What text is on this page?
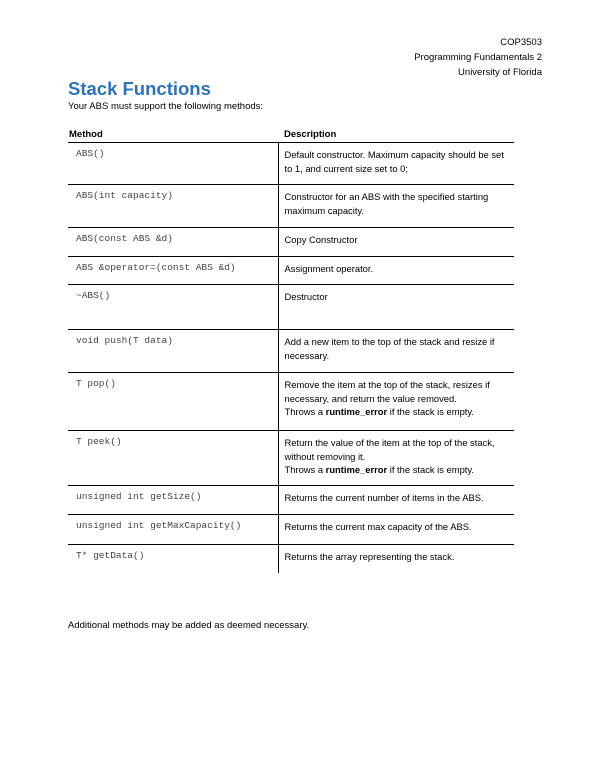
COP3503
Programming Fundamentals 2
University of Florida
Stack Functions
Your ABS must support the following methods:
Method	Description
ABS()	Default constructor. Maximum capacity should be set to 1, and current size set to 0;
ABS(int capacity)	Constructor for an ABS with the specified starting maximum capacity.
ABS(const ABS &d)	Copy Constructor
ABS &operator=(const ABS &d)	Assignment operator.
~ABS()	Destructor
void push(T data)	Add a new item to the top of the stack and resize if necessary.
T pop()	Remove the item at the top of the stack, resizes if necessary, and return the value removed.
Throws a runtime_error if the stack is empty.
T peek()	Return the value of the item at the top of the stack, without removing it.
Throws a runtime_error if the stack is empty.
unsigned int getSize()	Returns the current number of items in the ABS.
unsigned int getMaxCapacity()	Returns the current max capacity of the ABS.
T* getData()	Returns the array representing the stack.
Additional methods may be added as deemed necessary.
